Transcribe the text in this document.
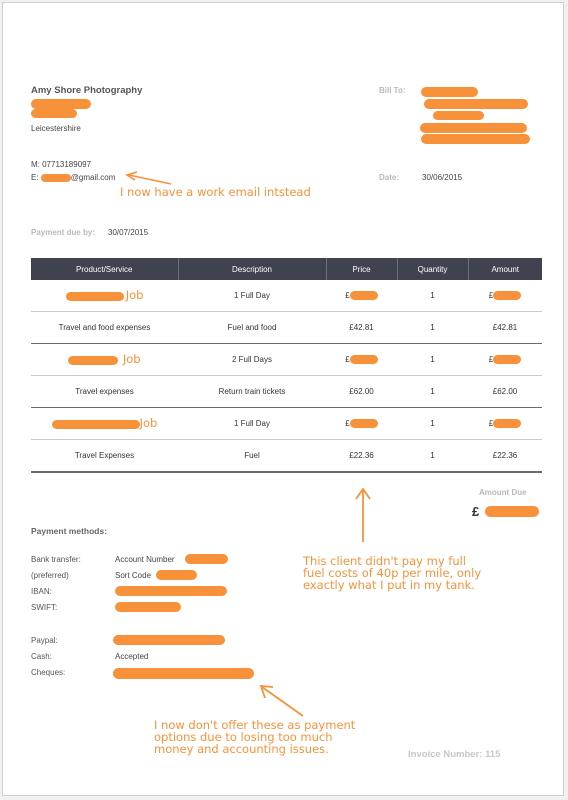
Amy Shore Photography
Leicestershire
M: 07713189097
E:	@gmail.com
I now have a work email intstead
Bill To:
Date:	30/06/2015
Payment due by: 30/07/2015
Product/Service	Description	Price	Quantity	Amount
Job	1 Full Day	£	1	£
Travel and food expenses	Fuel and food	£42.81	1	£42.81
Job	2 Full Days	£	1	£
Travel expenses	Return train tickets	£62.00	1	£62.00
Job	1 Full Day	£	1	£
Travel Expenses	Fuel	£22.36	1	£22.36
Amount Due
£
This client didn't pay my full
fuel costs of 40p per mile, only
exactly what I put in my tank.
Payment methods:
Bank transfer:	Account Number
(preferred)	Sort Code
IBAN:
SWIFT:
Paypal:
Cash:	Accepted
Cheques:
I now don't offer these as payment
options due to losing too much
money and accounting issues.	Invoice Number: 115
